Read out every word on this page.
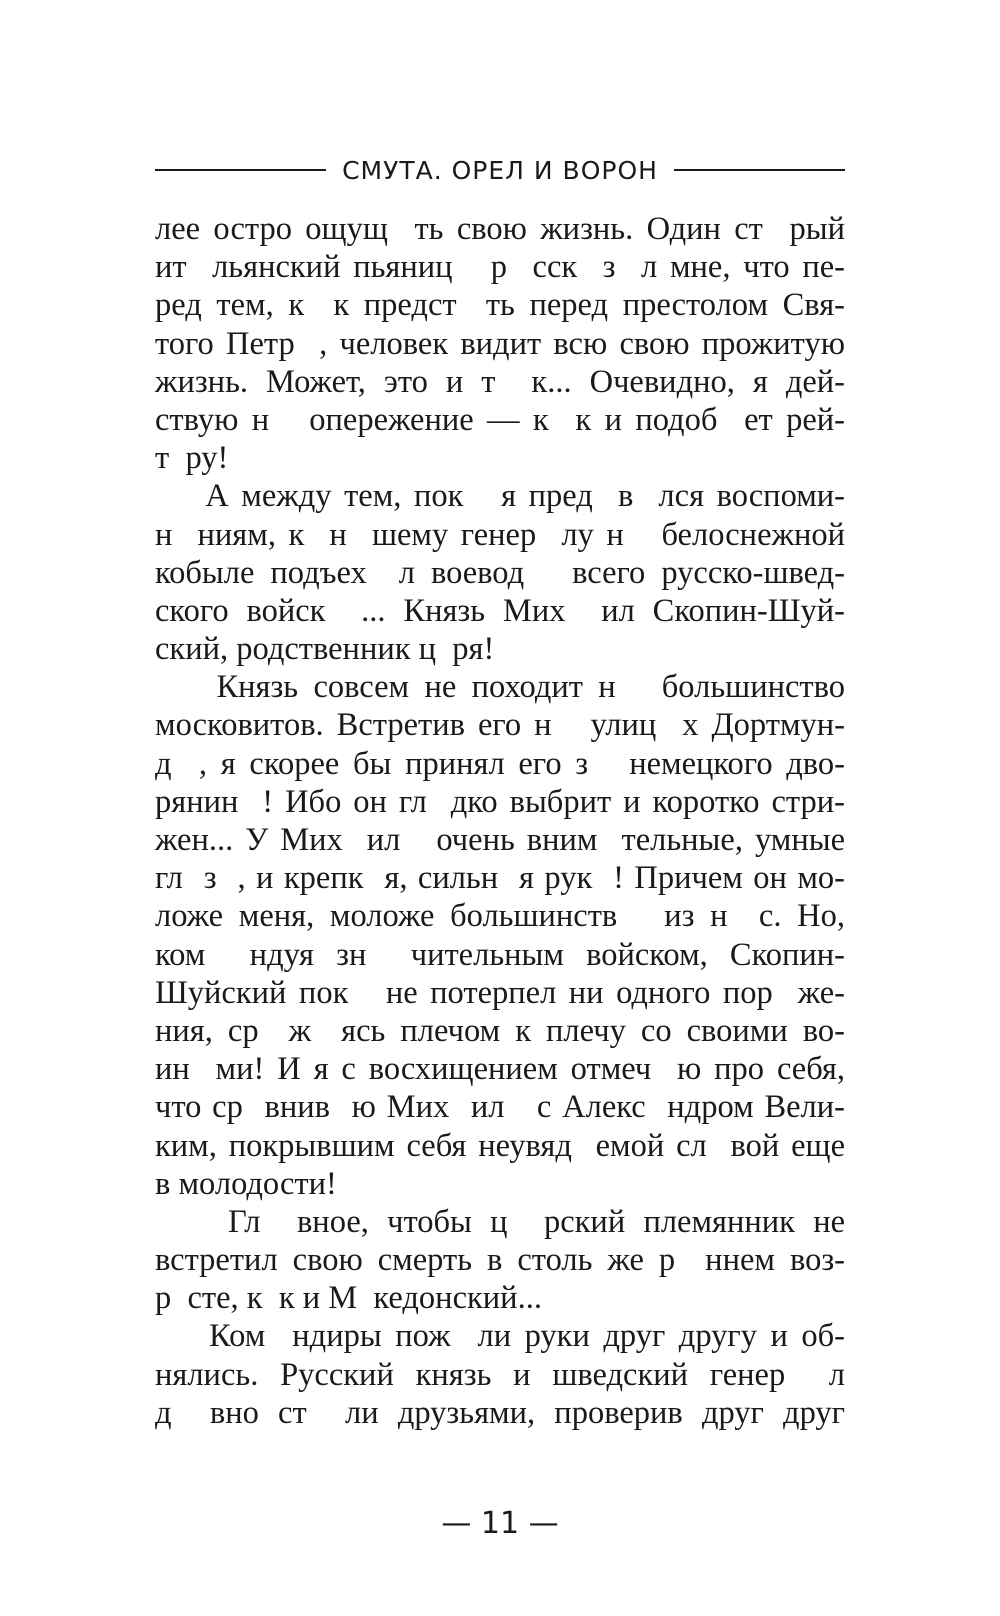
СМУТА. ОРЕЛ И ВОРОН
лее остро ощущ  ть свою жизнь. Один ст  рый
ит  льянский пьяниц   р  сск  з  л мне, что пе-
ред тем, к  к предст  ть перед престолом Свя-
того Петр  , человек видит всю свою прожитую
жизнь. Может, это и т  к... Очевидно, я дей-
ствую н   опережение — к  к и подоб  ет рей-
т  ру!
А между тем, пок   я пред  в  лся воспоми-
н  ниям, к  н  шему генер  лу н   белоснежной
кобыле подъех  л воевод   всего русско-швед-
ского войск  ... Князь Мих  ил Скопин-Шуй-
ский, родственник ц  ря!
Князь совсем не походит н   большинство
московитов. Встретив его н   улиц  х Дортмун-
д  , я скорее бы принял его з   немецкого дво-
рянин  ! Ибо он гл  дко выбрит и коротко стри-
жен... У Мих  ил   очень вним  тельные, умные
гл  з  , и крепк  я, сильн  я рук  ! Причем он мо-
ложе меня, моложе большинств   из н  с. Но,
ком  ндуя зн  чительным войском, Скопин-
Шуйский пок   не потерпел ни одного пор  же-
ния, ср  ж  ясь плечом к плечу со своими во-
ин  ми! И я с восхищением отмеч  ю про себя,
что ср  внив  ю Мих  ил   с Алекс  ндром Вели-
ким, покрывшим себя неувяд  емой сл  вой еще
в молодости!
Гл  вное, чтобы ц  рский племянник не
встретил свою смерть в столь же р  ннем воз-
р  сте, к  к и М  кедонский...
Ком  ндиры пож  ли руки друг другу и об-
нялись. Русский князь и шведский генер  л
д  вно ст  ли друзьями, проверив друг друг
— 11 —
